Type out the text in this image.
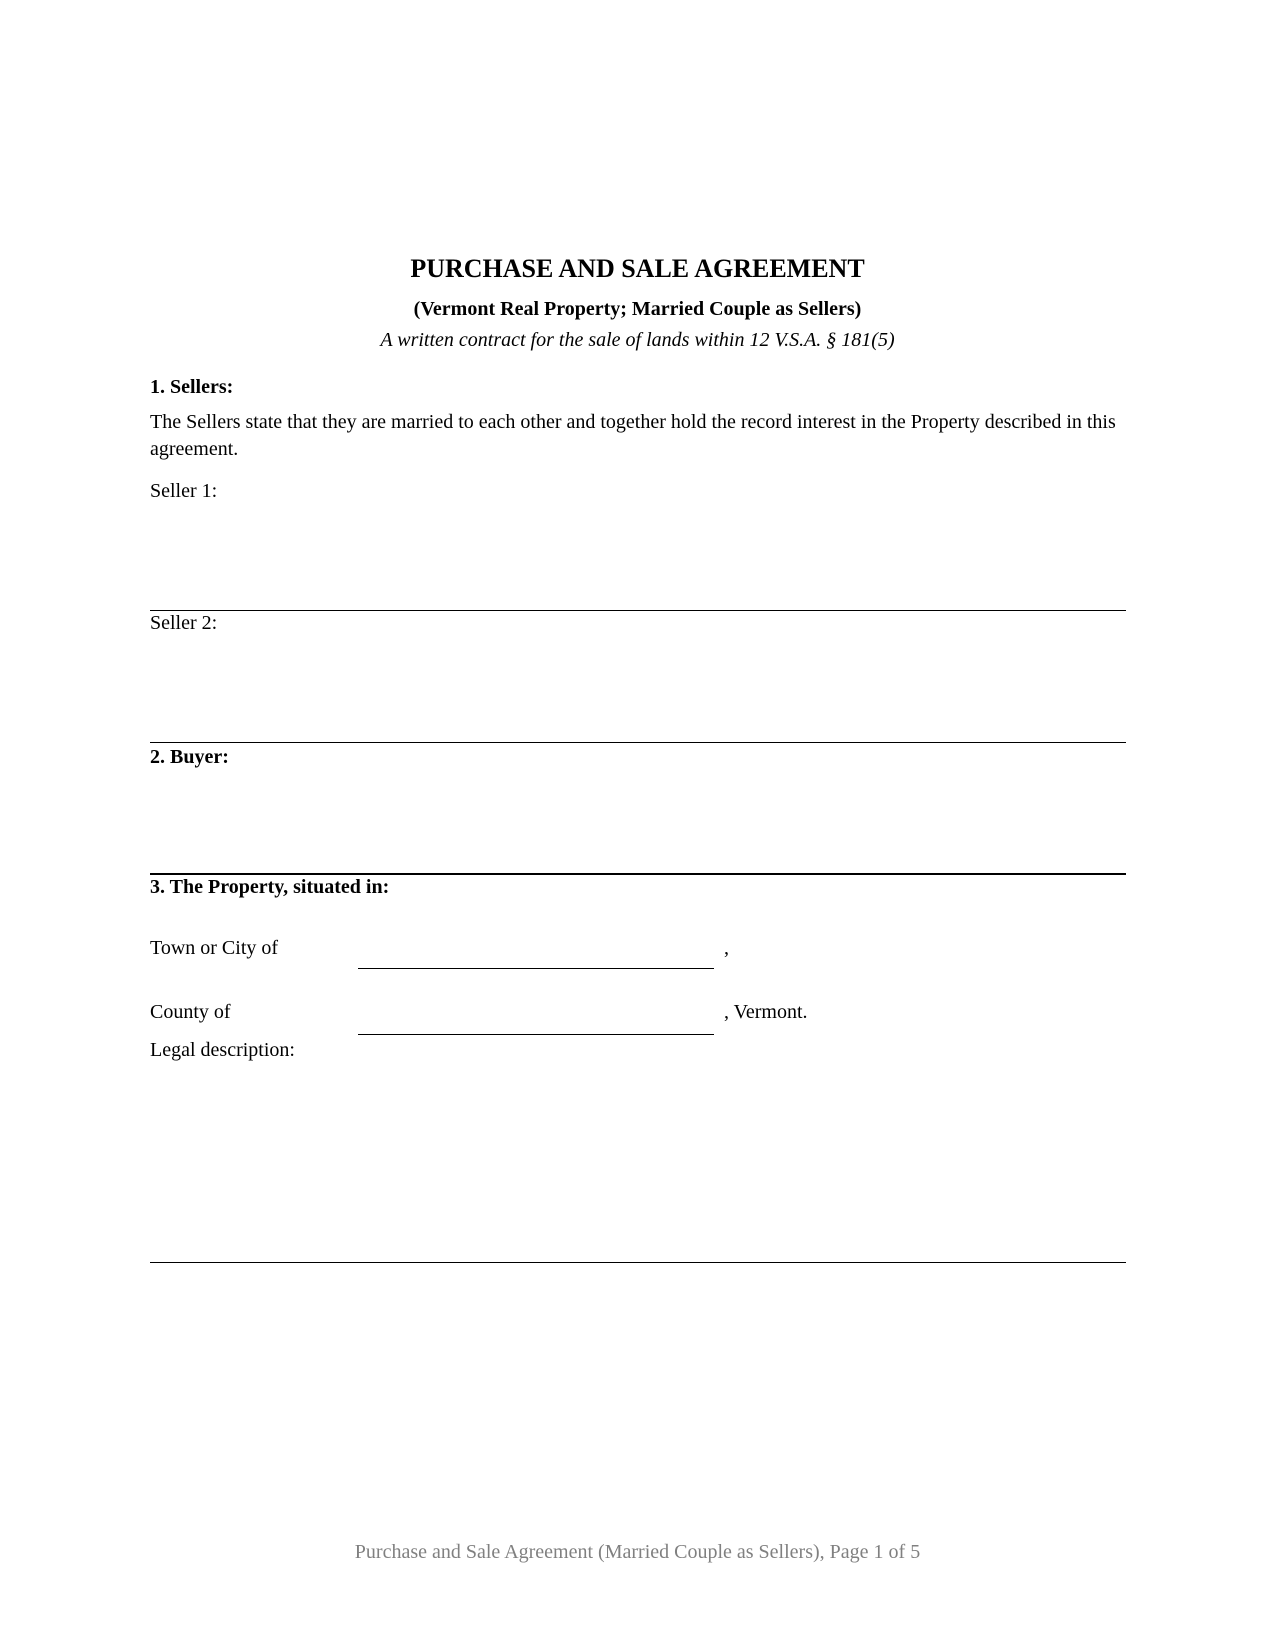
PURCHASE AND SALE AGREEMENT
(Vermont Real Property; Married Couple as Sellers)
A written contract for the sale of lands within 12 V.S.A. § 181(5)
1. Sellers:
The Sellers state that they are married to each other and together hold the record interest in the Property described in this agreement.
Seller 1:
Seller 2:
2. Buyer:
3. The Property, situated in:
Town or City of	,
County of	, Vermont.
Legal description:
Purchase and Sale Agreement (Married Couple as Sellers), Page 1 of 5
